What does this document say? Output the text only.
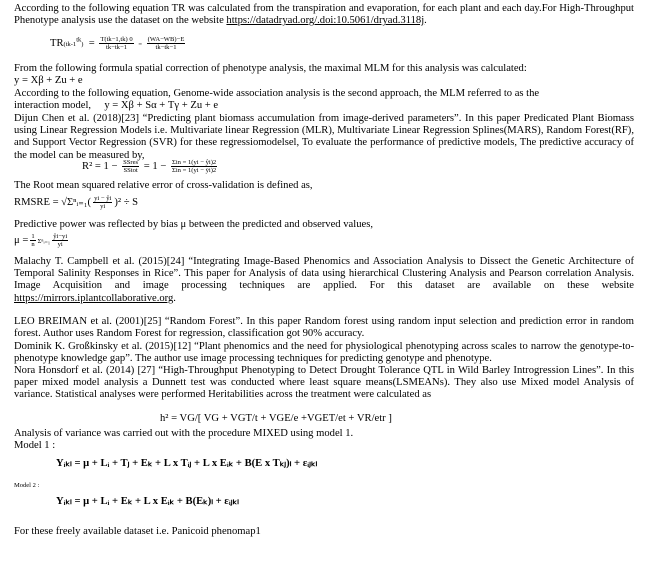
According to the following equation TR was calculated from the transpiration and evaporation, for each plant and each day.For High-Throughput Phenotype analysis use the dataset on the website https://datadryad.org/.doi:10.5061/dryad.3118j.

$TR(tk-1^{tk}) = \frac{T(tk-1,tk) 0}{tk-tk-1} = \frac{(WA-WB)-E}{tk-tk-1}$

From the following formula spatial correction of phenotype analysis, the maximal MLM for this analysis was calculated:

y = Xβ + Zu + e

According to the following equation, Genome-wide association analysis is the second approach, the MLM referred to as the

interaction model, y = Xβ + Sα + Tγ + Zu + e

Dijun Chen et al. (2018)[23] “Predicting plant biomass accumulation from image-derived parameters”. In this paper Predicated Plant Biomass using Linear Regression Models i.e. Multivariate linear Regression (MLR), Multivariate Linear Regression Splines(MARS), Random Forest(RF), and Support Vector Regression (SVR) for these regressiomodelsel, To evaluate the performance of predictive models, The predictive accuracy of the model can be measured by,

$R^2 = 1 - \frac{\text{SSres}}{\text{SStot}} = 1 - \frac{\text{Σin = 1(yi − ŷi)2}}{\text{Σin = 1(yi − ȳi)2}}$

The Root mean squared relative error of cross-validation is defined as,

RMSRE = √Σⁿᵢ₌₁( $\frac{yi - ŷi}{yi} )^2 \div S$

Predictive power was reflected by bias μ between the predicted and observed values,

$\mu = \frac{1}{n}$ Σⁿᵢ₌₁ $\frac{ŷi-yi}{yi}$

Malachy T. Campbell et al. (2015)[24] “Integrating Image-Based Phenomics and Association Analysis to Dissect the Genetic Architecture of Temporal Salinity Responses in Rice”. This paper for Analysis of data using hierarchical Clustering Analysis and Pearson correlation Analysis. Image Acquisition and image processing techniques are applied. For this dataset are available on these website https://mirrors.iplantcollaborative.org.

LEO BREIMAN et al. (2001)[25] “Random Forest”. In this paper Random forest using random input selection and prediction error in random forest. Author uses Random Forest for regression, classification got 90% accuracy.

Dominik K. Großkinsky et al. (2015)[12] “Plant phenomics and the need for physiological phenotyping across scales to narrow the genotype-to-phenotype knowledge gap”. The author use image processing techniques for predicting genotype and phenotype.

Nora Honsdorf et al. (2014) [27] “High-Throughput Phenotyping to Detect Drought Tolerance QTL in Wild Barley Introgression Lines”. In this paper mixed model analysis a Dunnett test was conducted where least square means(LSMEANs). They also use Mixed model Analysis of variance. Statistical analyses were performed Heritabilities across the treatment were calculated as

h² = VG/[ VG + VGT/t + VGE/e +VGET/et + VR/etr ]

Analysis of variance was carried out with the procedure MIXED using model 1.

Model 1 :

Yᵢₖₗ = μ + Lᵢ + Tⱼ + Eₖ + L x Tᵢⱼ + L x Eᵢₖ + B(E x Tₖⱼ)ₗ + εᵢⱼₖₗ
Model 2 :
Yᵢₖₗ = μ + Lᵢ + Eₖ + L x Eᵢₖ + B(Eₖ)ₗ + εᵢⱼₖₗ

For these freely available dataset i.e. Panicoid phenomap1
